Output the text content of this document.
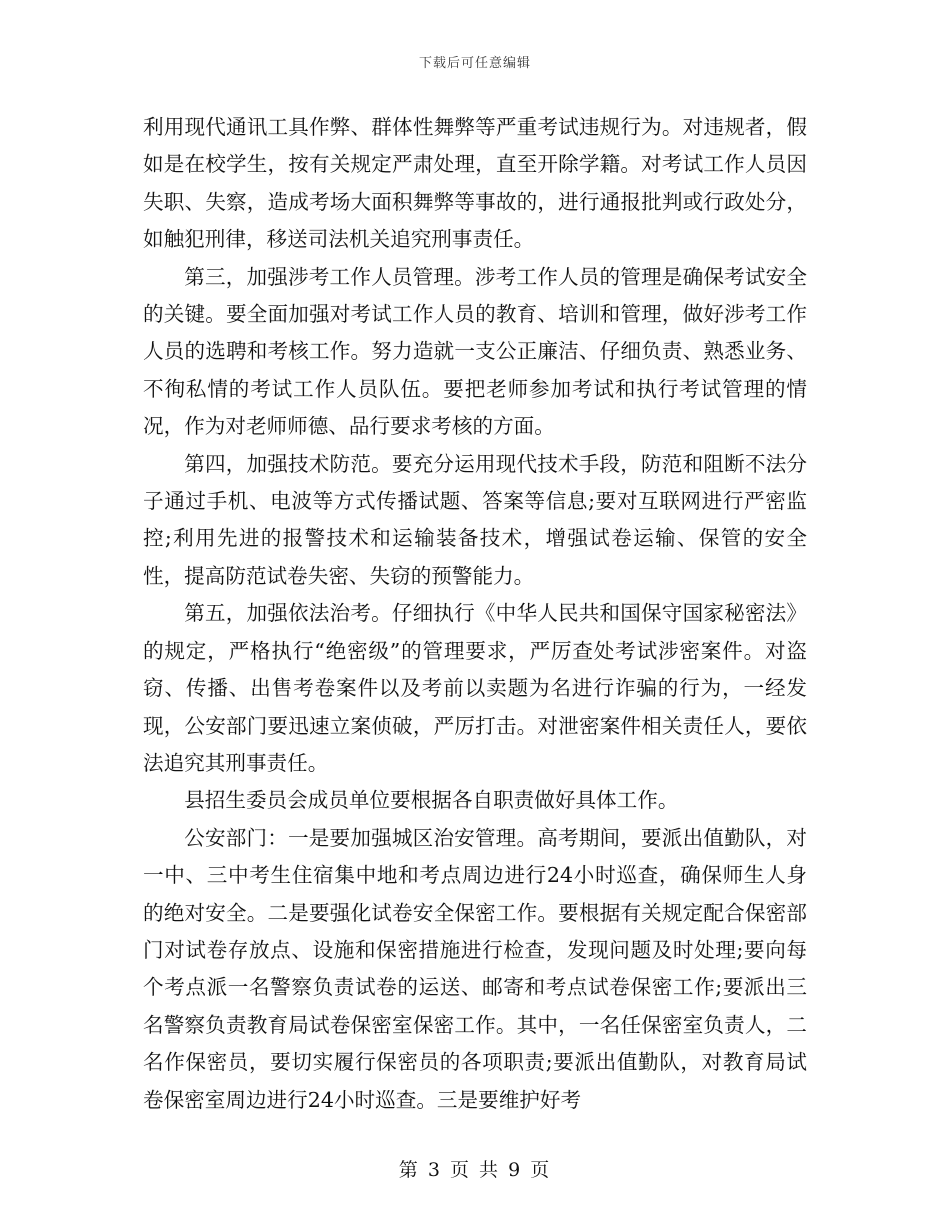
下载后可任意编辑

利用现代通讯工具作弊、群体性舞弊等严重考试违规行为。对违规者，假如是在校学生，按有关规定严肃处理，直至开除学籍。对考试工作人员因失职、失察，造成考场大面积舞弊等事故的，进行通报批判或行政处分，如触犯刑律，移送司法机关追究刑事责任。

第三，加强涉考工作人员管理。涉考工作人员的管理是确保考试安全的关键。要全面加强对考试工作人员的教育、培训和管理，做好涉考工作人员的选聘和考核工作。努力造就一支公正廉洁、仔细负责、熟悉业务、不徇私情的考试工作人员队伍。要把老师参加考试和执行考试管理的情况，作为对老师师德、品行要求考核的方面。

第四，加强技术防范。要充分运用现代技术手段，防范和阻断不法分子通过手机、电波等方式传播试题、答案等信息;要对互联网进行严密监控;利用先进的报警技术和运输装备技术，增强试卷运输、保管的安全性，提高防范试卷失密、失窃的预警能力。

第五，加强依法治考。仔细执行《中华人民共和国保守国家秘密法》的规定，严格执行“绝密级”的管理要求，严厉查处考试涉密案件。对盗窃、传播、出售考卷案件以及考前以卖题为名进行诈骗的行为，一经发现，公安部门要迅速立案侦破，严厉打击。对泄密案件相关责任人，要依法追究其刑事责任。

县招生委员会成员单位要根据各自职责做好具体工作。

公安部门：一是要加强城区治安管理。高考期间，要派出值勤队，对一中、三中考生住宿集中地和考点周边进行24小时巡查，确保师生人身的绝对安全。二是要强化试卷安全保密工作。要根据有关规定配合保密部门对试卷存放点、设施和保密措施进行检查，发现问题及时处理;要向每个考点派一名警察负责试卷的运送、邮寄和考点试卷保密工作;要派出三名警察负责教育局试卷保密室保密工作。其中，一名任保密室负责人，二名作保密员，要切实履行保密员的各项职责;要派出值勤队，对教育局试卷保密室周边进行24小时巡查。三是要维护好考

第 3 页 共 9 页
